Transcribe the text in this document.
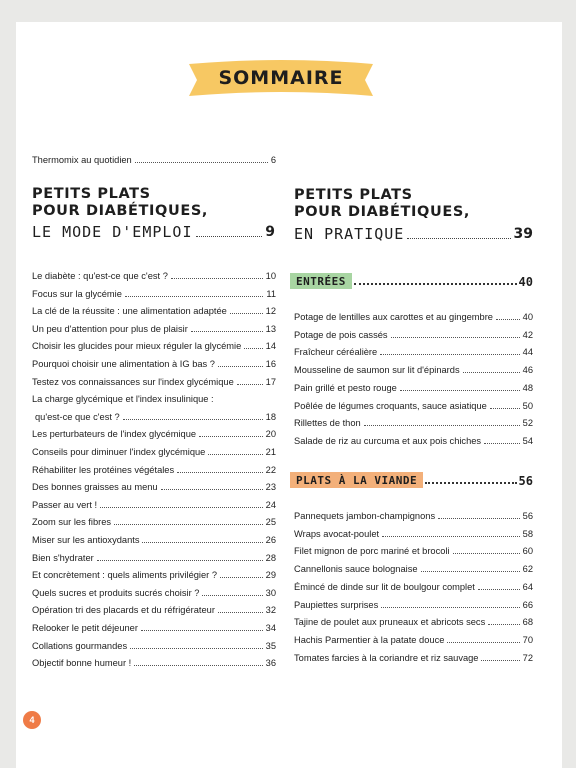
SOMMAIRE
Thermomix au quotidien	6
PETITS PLATS
POUR DIABÉTIQUES,
LE MODE D'EMPLOI	9
Le diabète : qu'est-ce que c'est ?	10
Focus sur la glycémie	11
La clé de la réussite : une alimentation adaptée	12
Un peu d'attention pour plus de plaisir	13
Choisir les glucides pour mieux réguler la glycémie	14
Pourquoi choisir une alimentation à IG bas ?	16
Testez vos connaissances sur l'index glycémique	17
La charge glycémique et l'index insulinique :
qu'est-ce que c'est ?	18
Les perturbateurs de l'index glycémique	20
Conseils pour diminuer l'index glycémique	21
Réhabiliter les protéines végétales	22
Des bonnes graisses au menu	23
Passer au vert !	24
Zoom sur les fibres	25
Miser sur les antioxydants	26
Bien s'hydrater	28
Et concrètement : quels aliments privilégier ?	29
Quels sucres et produits sucrés choisir ?	30
Opération tri des placards et du réfrigérateur	32
Relooker le petit déjeuner	34
Collations gourmandes	35
Objectif bonne humeur !	36
PETITS PLATS
POUR DIABÉTIQUES,
EN PRATIQUE	39
ENTRÉES	40
Potage de lentilles aux carottes et au gingembre	40
Potage de pois cassés	42
Fraîcheur céréalière	44
Mousseline de saumon sur lit d'épinards	46
Pain grillé et pesto rouge	48
Poêlée de légumes croquants, sauce asiatique	50
Rillettes de thon	52
Salade de riz au curcuma et aux pois chiches	54
PLATS À LA VIANDE	56
Pannequets jambon-champignons	56
Wraps avocat-poulet	58
Filet mignon de porc mariné et brocoli	60
Cannellonis sauce bolognaise	62
Émincé de dinde sur lit de boulgour complet	64
Paupiettes surprises	66
Tajine de poulet aux pruneaux et abricots secs	68
Hachis Parmentier à la patate douce	70
Tomates farcies à la coriandre et riz sauvage	72
4
